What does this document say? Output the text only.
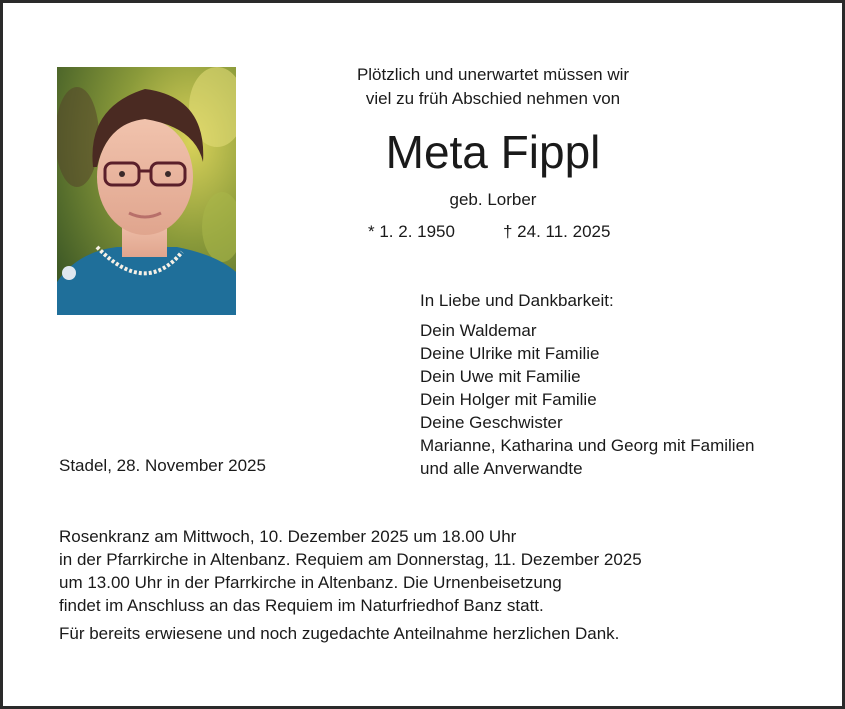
Plötzlich und unerwartet müssen wir
viel zu früh Abschied nehmen von
Meta Fippl
geb. Lorber
* 1. 2. 1950	† 24. 11. 2025
In Liebe und Dankbarkeit:
Dein Waldemar
Deine Ulrike mit Familie
Dein Uwe mit Familie
Dein Holger mit Familie
Deine Geschwister
Marianne, Katharina und Georg mit Familien
und alle Anverwandte
Stadel, 28. November 2025
Rosenkranz am Mittwoch, 10. Dezember 2025 um 18.00 Uhr
in der Pfarrkirche in Altenbanz. Requiem am Donnerstag, 11. Dezember 2025
um 13.00 Uhr in der Pfarrkirche in Altenbanz. Die Urnenbeisetzung
findet im Anschluss an das Requiem im Naturfriedhof Banz statt.
Für bereits erwiesene und noch zugedachte Anteilnahme herzlichen Dank.
